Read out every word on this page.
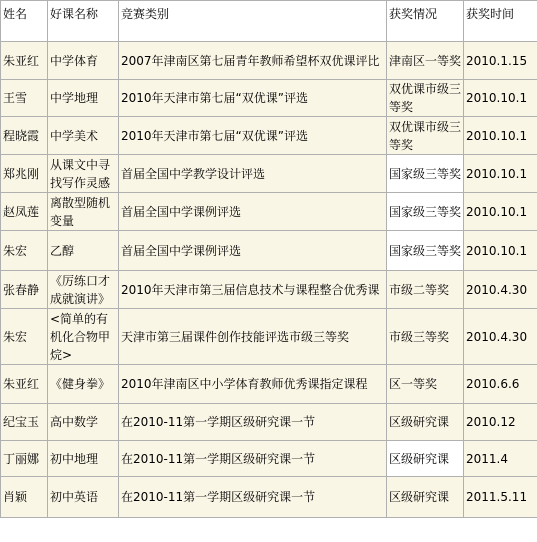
姓名	好课名称	竞赛类别	获奖情况	获奖时间
朱亚红	中学体育	2007年津南区第七届青年教师希望杯双优课评比	津南区一等奖	2010.1.15
王雪	中学地理	2010年天津市第七届“双优课”评选	双优课市级三等奖	2010.10.1
程晓霞	中学美术	2010年天津市第七届“双优课”评选	双优课市级三等奖	2010.10.1
郑兆刚	从课文中寻找写作灵感	首届全国中学教学设计评选	国家级三等奖	2010.10.1
赵凤莲	离散型随机变量	首届全国中学课例评选	国家级三等奖	2010.10.1
朱宏	乙醇	首届全国中学课例评选	国家级三等奖	2010.10.1
张春静	《厉练口才成就演讲》	2010年天津市第三届信息技术与课程整合优秀课	市级二等奖	2010.4.30
朱宏	<简单的有机化合物甲烷>	天津市第三届课件创作技能评选市级三等奖	市级三等奖	2010.4.30
朱亚红	《健身拳》	2010年津南区中小学体育教师优秀课指定课程	区一等奖	2010.6.6
纪宝玉	高中数学	在2010-11第一学期区级研究课一节	区级研究课	2010.12
丁丽娜	初中地理	在2010-11第一学期区级研究课一节	区级研究课	2011.4
肖颖	初中英语	在2010-11第一学期区级研究课一节	区级研究课	2011.5.11
